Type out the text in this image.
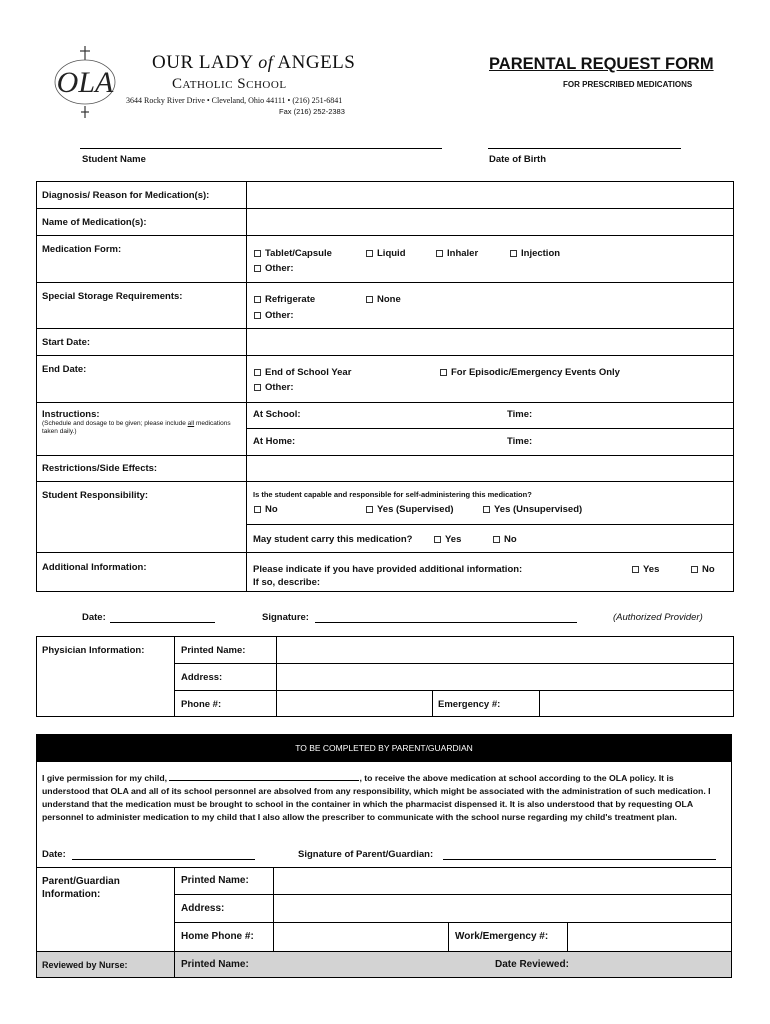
OLA
OUR LADY of ANGELS
Catholic School
3644 Rocky River Drive • Cleveland, Ohio 44111 • (216) 251-6841
Fax (216) 252-2383
PARENTAL REQUEST FORM
FOR PRESCRIBED MEDICATIONS
Student Name	Date of Birth
Diagnosis/ Reason for Medication(s):
Name of Medication(s):
Medication Form:	Tablet/Capsule	Liquid	Inhaler	Injection
Other:
Special Storage Requirements:	Refrigerate	None
Other:
Start Date:
End Date:	End of School Year	For Episodic/Emergency Events Only
Other:
Instructions:
(Schedule and dosage to be given; please include all medications taken daily.)
At School:	Time:
At Home:	Time:
Restrictions/Side Effects:
Student Responsibility:	Is the student capable and responsible for self-administering this medication?
No	Yes (Supervised)	Yes (Unsupervised)
May student carry this medication?	Yes	No
Additional Information:	Please indicate if you have provided additional information:
If so, describe:
Yes	No
Date:	Signature:	(Authorized Provider)
Physician Information:	Printed Name:
Address:
Phone #:	Emergency #:
TO BE COMPLETED BY PARENT/GUARDIAN
I give permission for my child,	, to receive the above medication at school according to the OLA policy. It is understood that OLA and all of its school personnel are absolved from any responsibility, which might be associated with the administration of such medication. I understand that the medication must be brought to school in the container in which the pharmacist dispensed it. It is also understood that by requesting OLA personnel to administer medication to my child that I also allow the prescriber to communicate with the school nurse regarding my child's treatment plan.
Date:	Signature of Parent/Guardian:
Parent/Guardian Information:
Printed Name:
Address:
Home Phone #:	Work/Emergency #:
Reviewed by Nurse:	Printed Name:	Date Reviewed:
